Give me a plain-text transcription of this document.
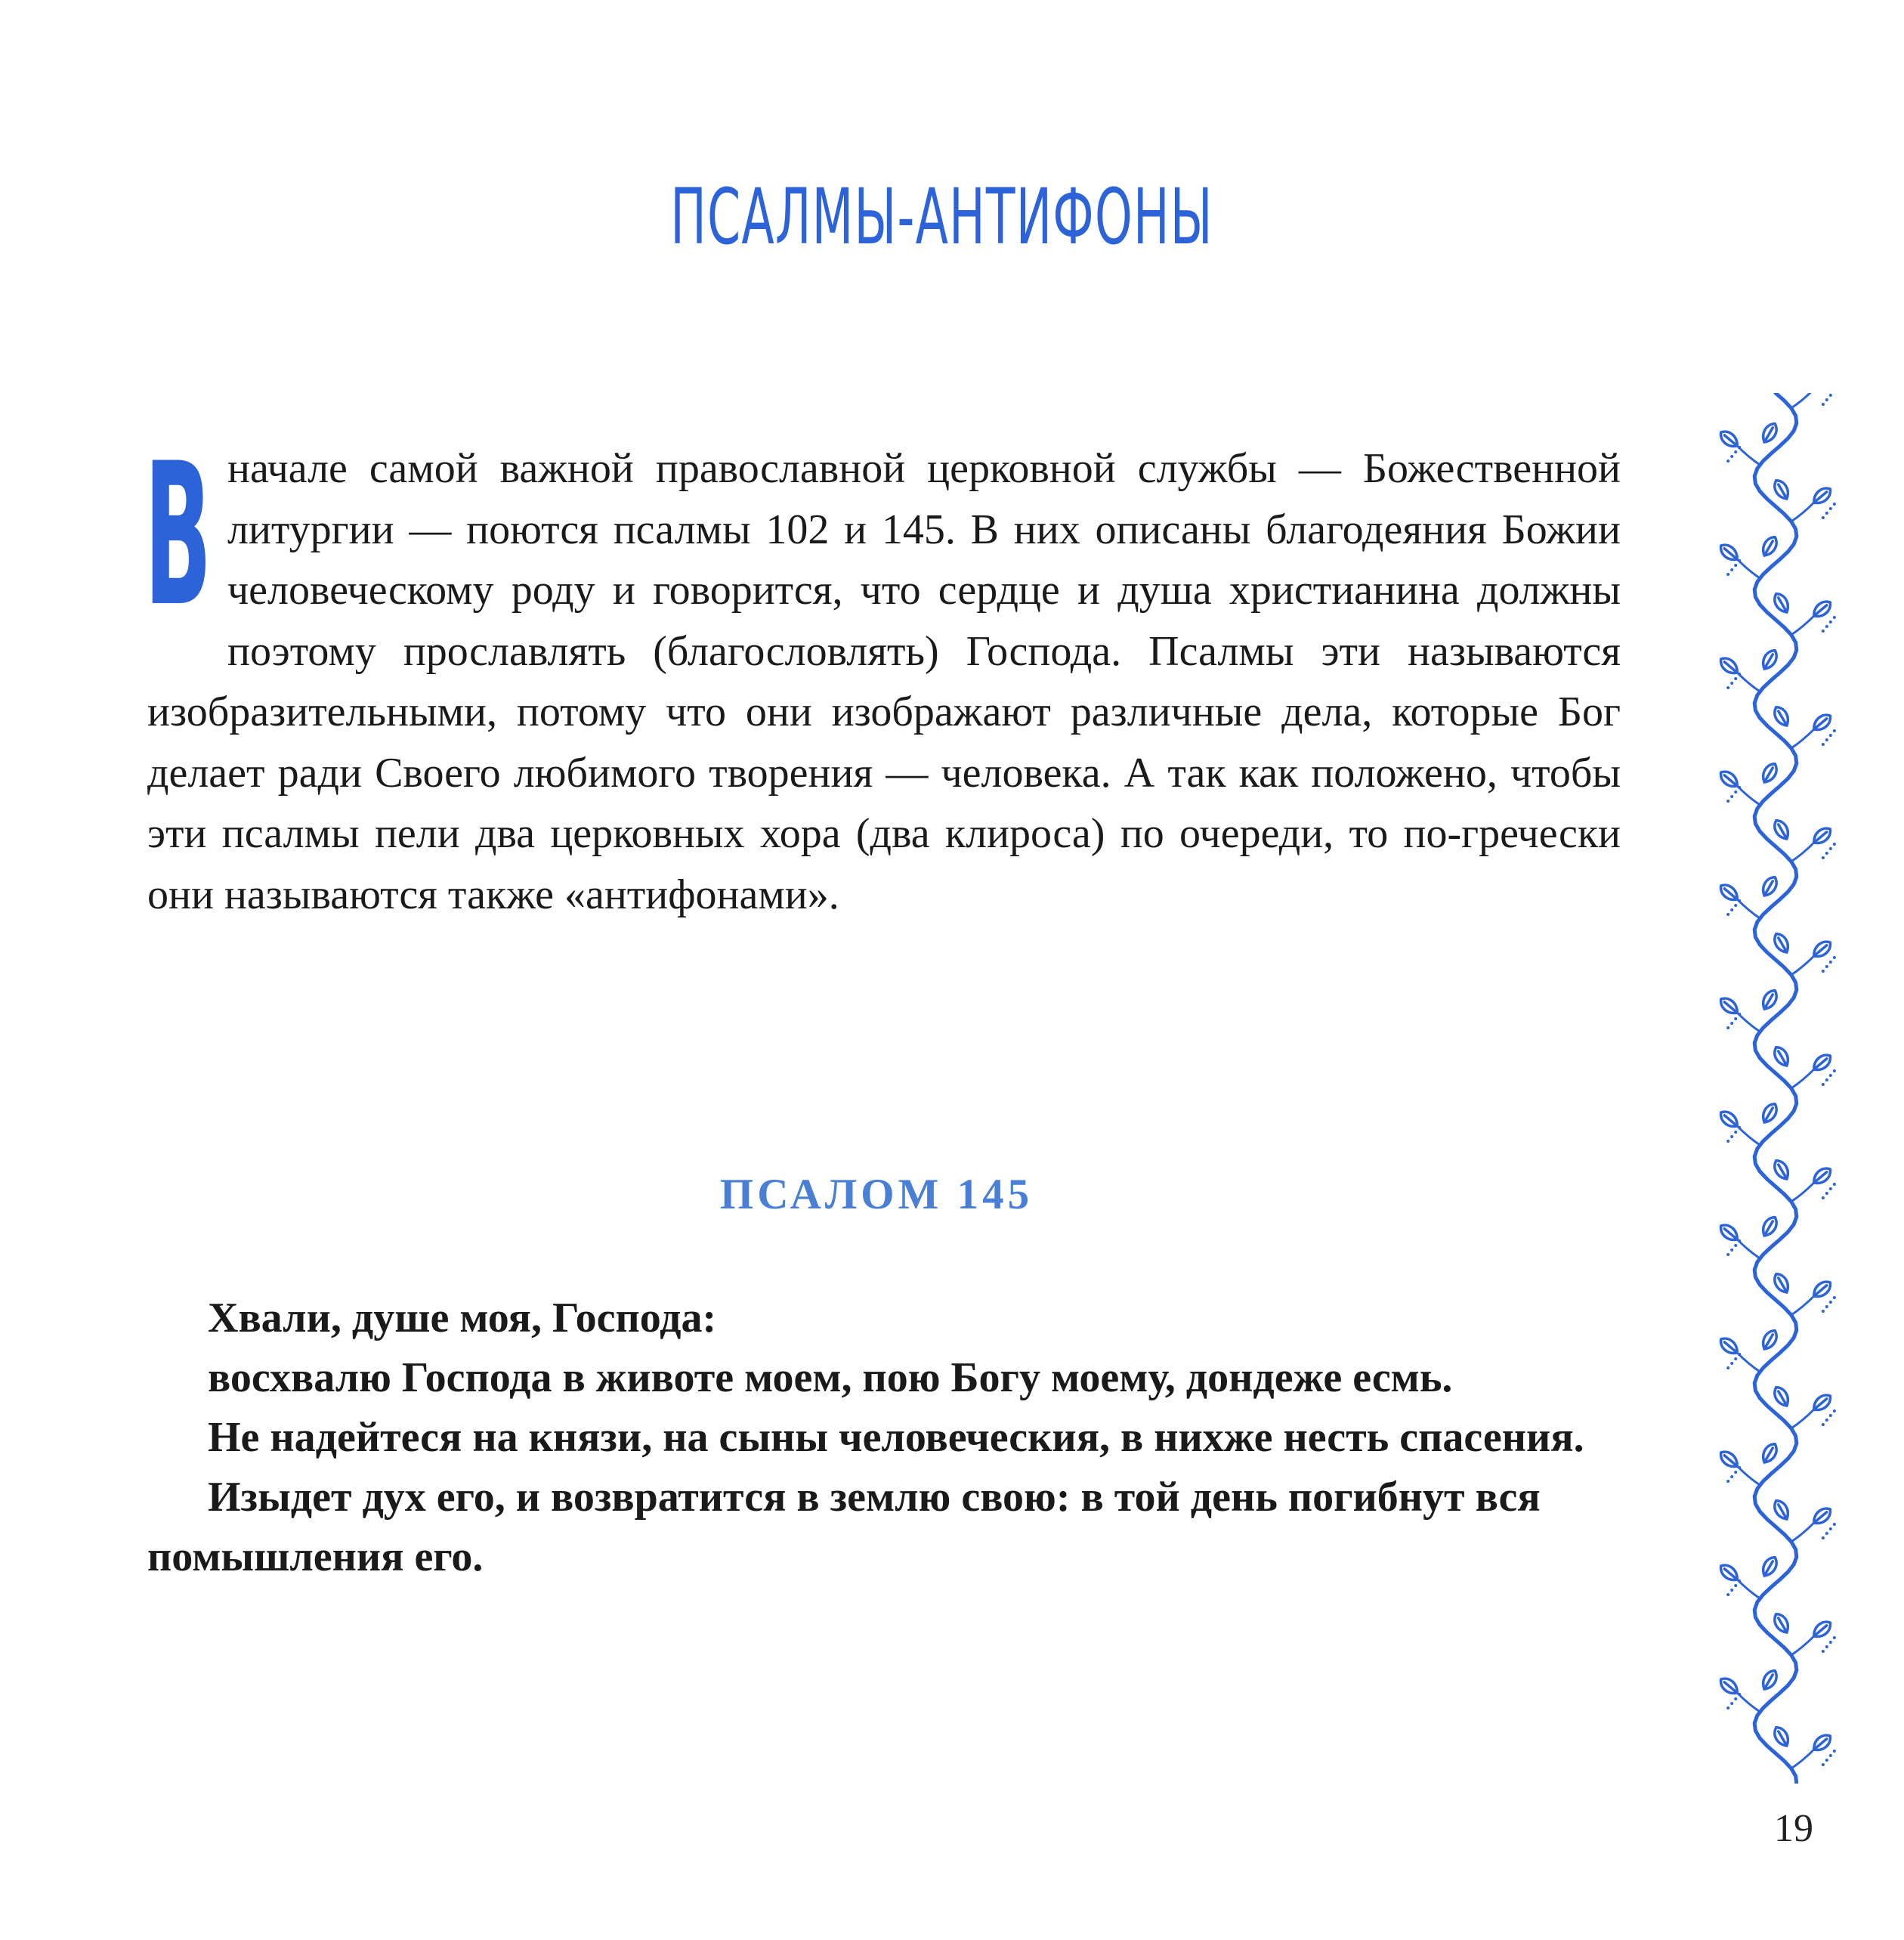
ПСАЛМЫ-АНТИФОНЫ
В начале самой важной православной церковной службы — Божественной литургии — поются псалмы 102 и 145. В них описаны благодеяния Божии человеческому роду и говорится, что сердце и душа христианина должны поэтому прославлять (благословлять) Господа. Псалмы эти называются изобразительными, потому что они изображают различные дела, которые Бог делает ради Своего любимого творения — человека. А так как положено, чтобы эти псалмы пели два церковных хора (два клироса) по очереди, то по-гречески они называются также «антифонами».

ПСАЛОМ 145

Хвали, душе моя, Господа:

восхвалю Господа в животе моем, пою Богу моему, дондеже есмь.

Не надейтеся на князи, на сыны человеческия, в нихже несть спасения.

Изыдет дух его, и возвратится в землю свою: в той день погибнут вся помышления его.

19
